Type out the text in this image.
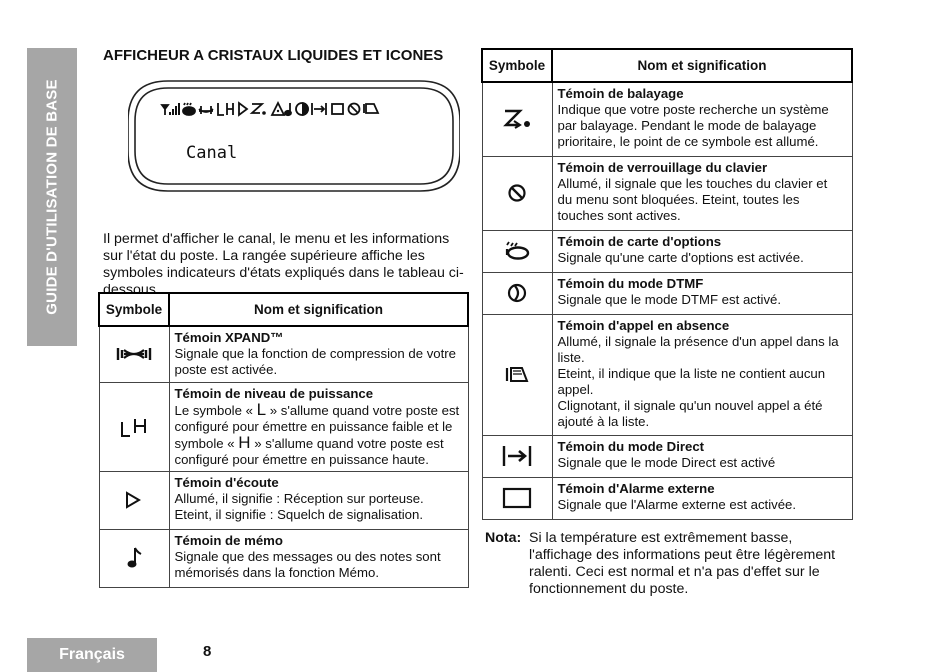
GUIDE D'UTILISATION DE BASE
AFFICHEUR A CRISTAUX LIQUIDES ET ICONES
Canal

Il permet d'afficher le canal, le menu et les informations sur l'état du poste. La rangée supérieure affiche les symboles indicateurs d'états expliqués dans le tableau ci-dessous.

Symbole	Nom et signification

Témoin XPAND™
Signale que la fonction de compression de votre poste est activée.

Témoin de niveau de puissance
Le symbole « L » s'allume quand votre poste est configuré pour émettre en puissance faible et le symbole « H » s'allume quand votre poste est configuré pour émettre en puissance haute.

Témoin d'écoute
Allumé, il signifie : Réception sur porteuse.
Eteint, il signifie : Squelch de signalisation.

Témoin de mémo
Signale que des messages ou des notes sont mémorisés dans la fonction Mémo.
Symbole	Nom et signification

Témoin de balayage
Indique que votre poste recherche un système par balayage. Pendant le mode de balayage prioritaire, le point de ce symbole est allumé.

Témoin de verrouillage du clavier
Allumé, il signale que les touches du clavier et du menu sont bloquées. Eteint, toutes les touches sont actives.

Témoin de carte d'options
Signale qu'une carte d'options est activée.

Témoin du mode DTMF
Signale que le mode DTMF est activé.

Témoin d'appel en absence
Allumé, il signale la présence d'un appel dans la liste.
Eteint, il indique que la liste ne contient aucun appel.
Clignotant, il signale qu'un nouvel appel a été ajouté à la liste.

Témoin du mode Direct
Signale que le mode Direct est activé

Témoin d'Alarme externe
Signale que l'Alarme externe est activée.
Nota: Si la température est extrêmement basse, l'affichage des informations peut être légèrement ralenti. Ceci est normal et n'a pas d'effet sur le fonctionnement du poste.
Français	8
